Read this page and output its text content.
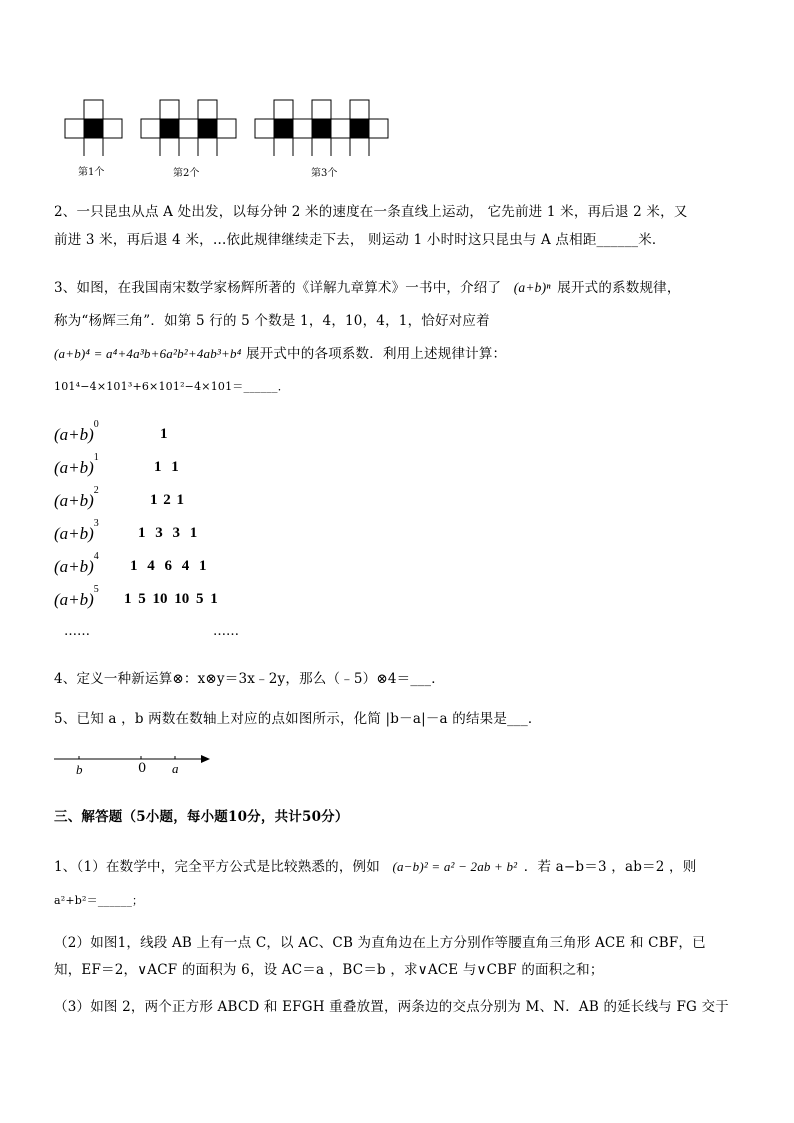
第1个	第2个	第3个
2、一只昆虫从点 A 处出发，以每分钟 2 米的速度在一条直线上运动， 它先前进 1 米，再后退 2 米，又
前进 3 米，再后退 4 米，…依此规律继续走下去， 则运动 1 小时时这只昆虫与 A 点相距______米．
3、如图，在我国南宋数学家杨辉所著的《详解九章算术》一书中，介绍了 (a+b)ⁿ 展开式的系数规律，
称为“杨辉三角”．如第 5 行的 5 个数是 1，4，10，4，1，恰好对应着
(a+b)⁴ = a⁴+4a³b+6a²b²+4ab³+b⁴ 展开式中的各项系数．利用上述规律计算：
101⁴−4×101³+6×101²−4×101＝______．
$(a+b)^0$
1
$(a+b)^1$
1 1
$(a+b)^2$
1 2 1
$(a+b)^3$
1 3 3 1
$(a+b)^4$
1 4 6 4 1
$(a+b)^5$
1 5 10 10 5 1
……	……
4、定义一种新运算⊗：x⊗y＝3x﹣2y，那么（﹣5）⊗4＝___．
5、已知 a ，b 两数在数轴上对应的点如图所示，化简 |b－a|－a 的结果是___．
b	0 a
三、解答题（5小题，每小题10分，共计50分）
1、（1）在数学中，完全平方公式是比较熟悉的，例如 (a−b)² = a² − 2ab + b² ．若 a−b＝3 ，ab＝2 ，则
a²+b²＝______；
（2）如图1，线段 AB 上有一点 C，以 AC、CB 为直角边在上方分别作等腰直角三角形 ACE 和 CBF，已
知，EF＝2，∨ACF 的面积为 6，设 AC＝a ，BC＝b ，求∨ACE 与∨CBF 的面积之和；
（3）如图 2，两个正方形 ABCD 和 EFGH 重叠放置，两条边的交点分别为 M、N．AB 的延长线与 FG 交于
